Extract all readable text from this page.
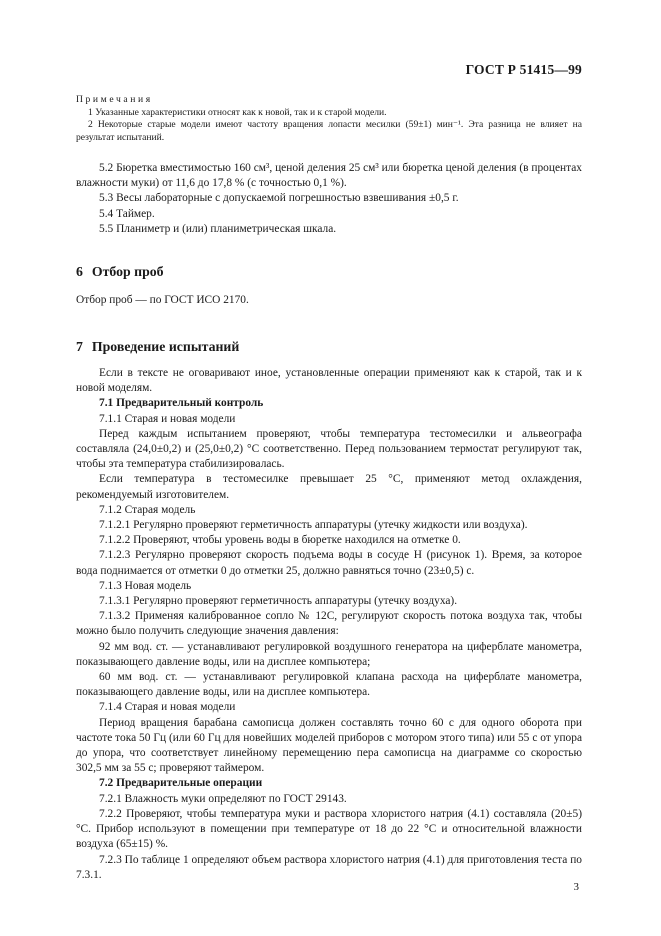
ГОСТ Р 51415—99
Примечания

1 Указанные характеристики относят как к новой, так и к старой модели.

2 Некоторые старые модели имеют частоту вращения лопасти месилки (59±1) мин⁻¹. Эта разница не влияет на результат испытаний.

5.2 Бюретка вместимостью 160 см³, ценой деления 25 см³ или бюретка ценой деления (в процентах влажности муки) от 11,6 до 17,8 % (с точностью 0,1 %).

5.3 Весы лабораторные с допускаемой погрешностью взвешивания ±0,5 г.

5.4 Таймер.

5.5 Планиметр и (или) планиметрическая шкала.

6 Отбор проб

Отбор проб — по ГОСТ ИСО 2170.

7 Проведение испытаний

Если в тексте не оговаривают иное, установленные операции применяют как к старой, так и к новой моделям.

7.1 Предварительный контроль

7.1.1 Старая и новая модели

Перед каждым испытанием проверяют, чтобы температура тестомесилки и альвеографа составляла (24,0±0,2) и (25,0±0,2) °С соответственно. Перед пользованием термостат регулируют так, чтобы эта температура стабилизировалась.

Если температура в тестомесилке превышает 25 °С, применяют метод охлаждения, рекомендуемый изготовителем.

7.1.2 Старая модель

7.1.2.1 Регулярно проверяют герметичность аппаратуры (утечку жидкости или воздуха).

7.1.2.2 Проверяют, чтобы уровень воды в бюретке находился на отметке 0.

7.1.2.3 Регулярно проверяют скорость подъема воды в сосуде H (рисунок 1). Время, за которое вода поднимается от отметки 0 до отметки 25, должно равняться точно (23±0,5) с.

7.1.3 Новая модель

7.1.3.1 Регулярно проверяют герметичность аппаратуры (утечку воздуха).

7.1.3.2 Применяя калиброванное сопло № 12С, регулируют скорость потока воздуха так, чтобы можно было получить следующие значения давления:

92 мм вод. ст. — устанавливают регулировкой воздушного генератора на циферблате манометра, показывающего давление воды, или на дисплее компьютера;

60 мм вод. ст. — устанавливают регулировкой клапана расхода на циферблате манометра, показывающего давление воды, или на дисплее компьютера.

7.1.4 Старая и новая модели

Период вращения барабана самописца должен составлять точно 60 с для одного оборота при частоте тока 50 Гц (или 60 Гц для новейших моделей приборов с мотором этого типа) или 55 с от упора до упора, что соответствует линейному перемещению пера самописца на диаграмме со скоростью 302,5 мм за 55 с; проверяют таймером.

7.2 Предварительные операции

7.2.1 Влажность муки определяют по ГОСТ 29143.

7.2.2 Проверяют, чтобы температура муки и раствора хлористого натрия (4.1) составляла (20±5) °С. Прибор используют в помещении при температуре от 18 до 22 °С и относительной влажности воздуха (65±15) %.

7.2.3 По таблице 1 определяют объем раствора хлористого натрия (4.1) для приготовления теста по 7.3.1.

3
